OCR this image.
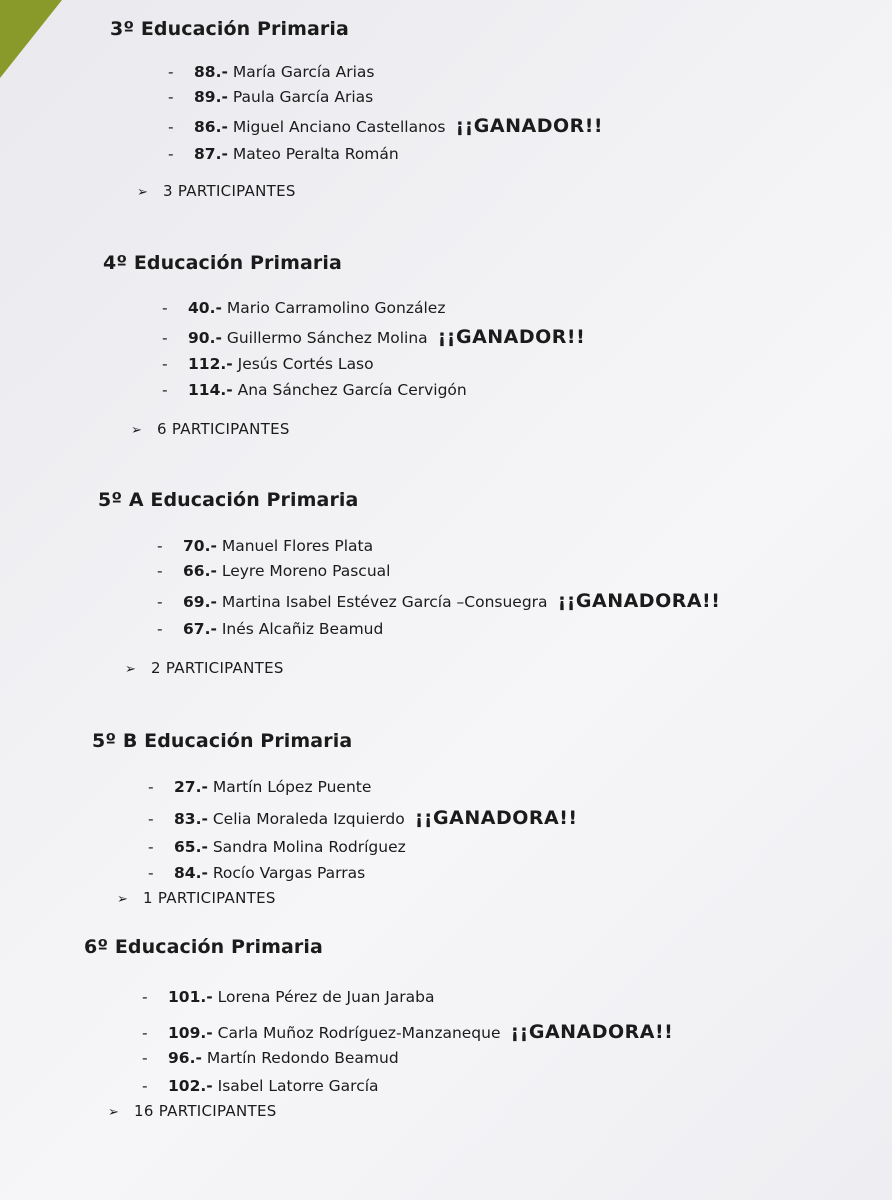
3º Educación Primaria
- 88.- María García Arias
- 89.- Paula García Arias
- 86.- Miguel Anciano Castellanos ¡¡GANADOR!!
- 87.- Mateo Peralta Román
➢ 3 PARTICIPANTES
4º Educación Primaria
- 40.- Mario Carramolino González
- 90.- Guillermo Sánchez Molina ¡¡GANADOR!!
- 112.- Jesús Cortés Laso
- 114.- Ana Sánchez García Cervigón
➢ 6 PARTICIPANTES
5º A Educación Primaria
- 70.- Manuel Flores Plata
- 66.- Leyre Moreno Pascual
- 69.- Martina Isabel Estévez García –Consuegra ¡¡GANADORA!!
- 67.- Inés Alcañiz Beamud
➢ 2 PARTICIPANTES
5º B Educación Primaria
- 27.- Martín López Puente
- 83.- Celia Moraleda Izquierdo ¡¡GANADORA!!
- 65.- Sandra Molina Rodríguez
- 84.- Rocío Vargas Parras
➢ 1 PARTICIPANTES
6º Educación Primaria
- 101.- Lorena Pérez de Juan Jaraba
- 109.- Carla Muñoz Rodríguez-Manzaneque ¡¡GANADORA!!
- 96.- Martín Redondo Beamud
- 102.- Isabel Latorre García
➢ 16 PARTICIPANTES
